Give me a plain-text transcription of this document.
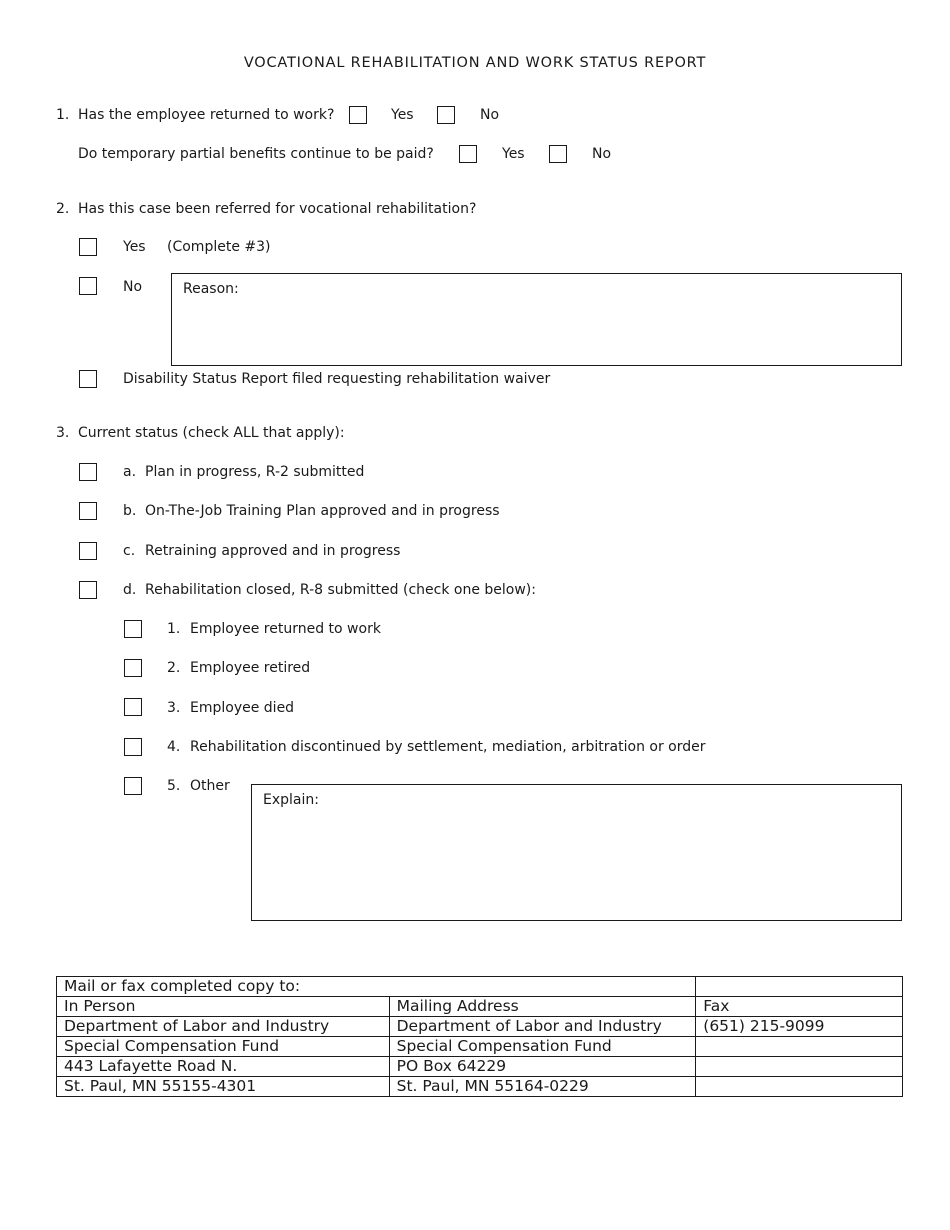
VOCATIONAL REHABILITATION AND WORK STATUS REPORT
1. Has the employee returned to work?	Yes	No
Do temporary partial benefits continue to be paid?	Yes	No
2. Has this case been referred for vocational rehabilitation?
Yes (Complete #3)
No	Reason:
Disability Status Report filed requesting rehabilitation waiver
3. Current status (check ALL that apply):
a. Plan in progress, R-2 submitted
b. On-The-Job Training Plan approved and in progress
c. Retraining approved and in progress
d. Rehabilitation closed, R-8 submitted (check one below):
1. Employee returned to work
2. Employee retired
3. Employee died
4. Rehabilitation discontinued by settlement, mediation, arbitration or order
5. Other
Explain:
Mail or fax completed copy to:		
In Person	Mailing Address	Fax
Department of Labor and Industry	Department of Labor and Industry	(651) 215-9099
Special Compensation Fund	Special Compensation Fund	
443 Lafayette Road N.	PO Box 64229	
St. Paul, MN 55155-4301	St. Paul, MN 55164-0229	
